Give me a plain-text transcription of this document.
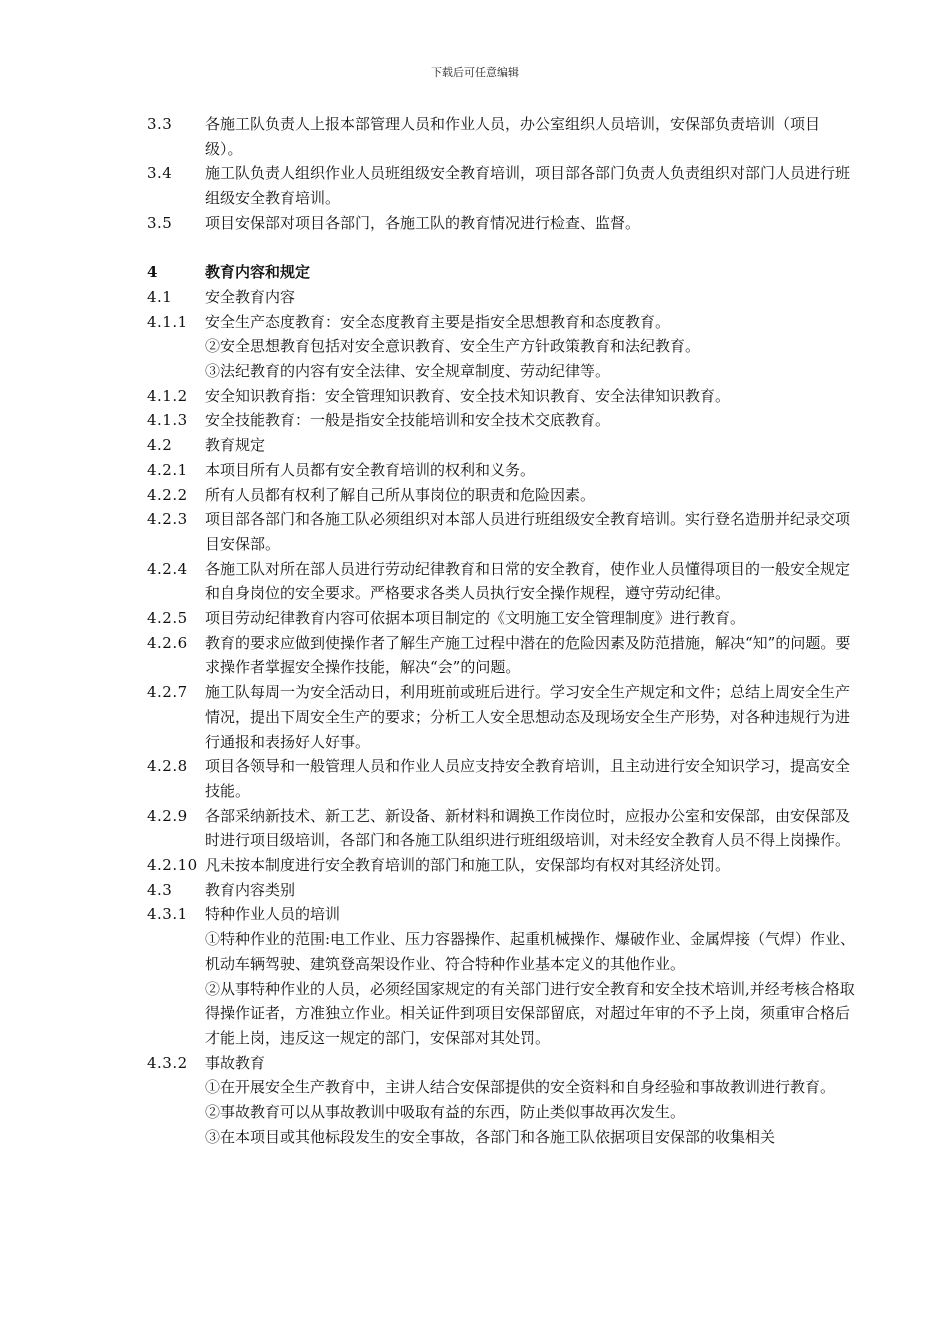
下载后可任意编辑
3.3	各施工队负责人上报本部管理人员和作业人员，办公室组织人员培训，安保部负责培训（项目级）。
3.4	施工队负责人组织作业人员班组级安全教育培训，项目部各部门负责人负责组织对部门人员进行班组级安全教育培训。
3.5	项目安保部对项目各部门，各施工队的教育情况进行检查、监督。
4	教育内容和规定
4.1	安全教育内容
4.1.1	安全生产态度教育：安全态度教育主要是指安全思想教育和态度教育。
②安全思想教育包括对安全意识教育、安全生产方针政策教育和法纪教育。
③法纪教育的内容有安全法律、安全规章制度、劳动纪律等。
4.1.2	安全知识教育指：安全管理知识教育、安全技术知识教育、安全法律知识教育。
4.1.3	安全技能教育：一般是指安全技能培训和安全技术交底教育。
4.2	教育规定
4.2.1	本项目所有人员都有安全教育培训的权利和义务。
4.2.2	所有人员都有权利了解自己所从事岗位的职责和危险因素。
4.2.3	项目部各部门和各施工队必须组织对本部人员进行班组级安全教育培训。实行登名造册并纪录交项目安保部。
4.2.4	各施工队对所在部人员进行劳动纪律教育和日常的安全教育，使作业人员懂得项目的一般安全规定和自身岗位的安全要求。严格要求各类人员执行安全操作规程，遵守劳动纪律。
4.2.5	项目劳动纪律教育内容可依据本项目制定的《文明施工安全管理制度》进行教育。
4.2.6	教育的要求应做到使操作者了解生产施工过程中潜在的危险因素及防范措施，解决“知”的问题。要求操作者掌握安全操作技能，解决“会”的问题。
4.2.7	施工队每周一为安全活动日，利用班前或班后进行。学习安全生产规定和文件；总结上周安全生产情况，提出下周安全生产的要求；分析工人安全思想动态及现场安全生产形势，对各种违规行为进行通报和表扬好人好事。
4.2.8	项目各领导和一般管理人员和作业人员应支持安全教育培训，且主动进行安全知识学习，提高安全技能。
4.2.9	各部采纳新技术、新工艺、新设备、新材料和调换工作岗位时，应报办公室和安保部，由安保部及时进行项目级培训，各部门和各施工队组织进行班组级培训，对未经安全教育人员不得上岗操作。
4.2.10 凡未按本制度进行安全教育培训的部门和施工队，安保部均有权对其经济处罚。
4.3	教育内容类别
4.3.1	特种作业人员的培训
①特种作业的范围:电工作业、压力容器操作、起重机械操作、爆破作业、金属焊接（气焊）作业、机动车辆驾驶、建筑登高架设作业、符合特种作业基本定义的其他作业。
②从事特种作业的人员，必须经国家规定的有关部门进行安全教育和安全技术培训,并经考核合格取得操作证者，方准独立作业。相关证件到项目安保部留底，对超过年审的不予上岗，须重审合格后才能上岗，违反这一规定的部门，安保部对其处罚。
4.3.2	事故教育
①在开展安全生产教育中，主讲人结合安保部提供的安全资料和自身经验和事故教训进行教育。
②事故教育可以从事故教训中吸取有益的东西，防止类似事故再次发生。
③在本项目或其他标段发生的安全事故，各部门和各施工队依据项目安保部的收集相关
